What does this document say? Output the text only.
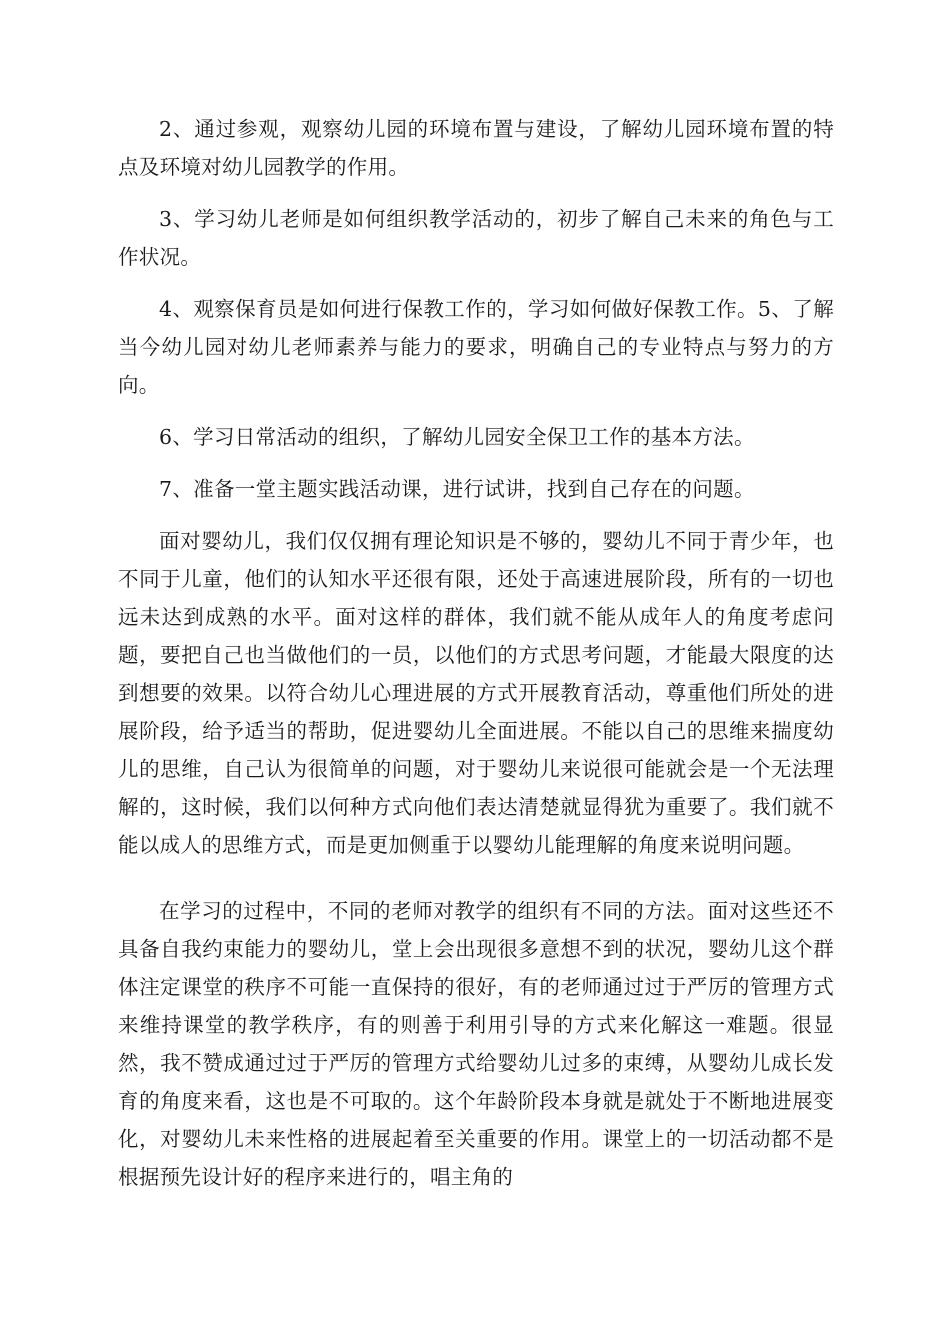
2、通过参观，观察幼儿园的环境布置与建设，了解幼儿园环境布置的特点及环境对幼儿园教学的作用。

3、学习幼儿老师是如何组织教学活动的，初步了解自己未来的角色与工作状况。

4、观察保育员是如何进行保教工作的，学习如何做好保教工作。5、了解当今幼儿园对幼儿老师素养与能力的要求，明确自己的专业特点与努力的方向。

6、学习日常活动的组织，了解幼儿园安全保卫工作的基本方法。

7、准备一堂主题实践活动课，进行试讲，找到自己存在的问题。

面对婴幼儿，我们仅仅拥有理论知识是不够的，婴幼儿不同于青少年，也不同于儿童，他们的认知水平还很有限，还处于高速进展阶段，所有的一切也远未达到成熟的水平。面对这样的群体，我们就不能从成年人的角度考虑问题，要把自己也当做他们的一员，以他们的方式思考问题，才能最大限度的达到想要的效果。以符合幼儿心理进展的方式开展教育活动，尊重他们所处的进展阶段，给予适当的帮助，促进婴幼儿全面进展。不能以自己的思维来揣度幼儿的思维，自己认为很简单的问题，对于婴幼儿来说很可能就会是一个无法理解的，这时候，我们以何种方式向他们表达清楚就显得犹为重要了。我们就不能以成人的思维方式，而是更加侧重于以婴幼儿能理解的角度来说明问题。

在学习的过程中，不同的老师对教学的组织有不同的方法。面对这些还不具备自我约束能力的婴幼儿，堂上会出现很多意想不到的状况，婴幼儿这个群体注定课堂的秩序不可能一直保持的很好，有的老师通过过于严厉的管理方式来维持课堂的教学秩序，有的则善于利用引导的方式来化解这一难题。很显然，我不赞成通过过于严厉的管理方式给婴幼儿过多的束缚，从婴幼儿成长发育的角度来看，这也是不可取的。这个年龄阶段本身就是就处于不断地进展变化，对婴幼儿未来性格的进展起着至关重要的作用。课堂上的一切活动都不是根据预先设计好的程序来进行的，唱主角的
